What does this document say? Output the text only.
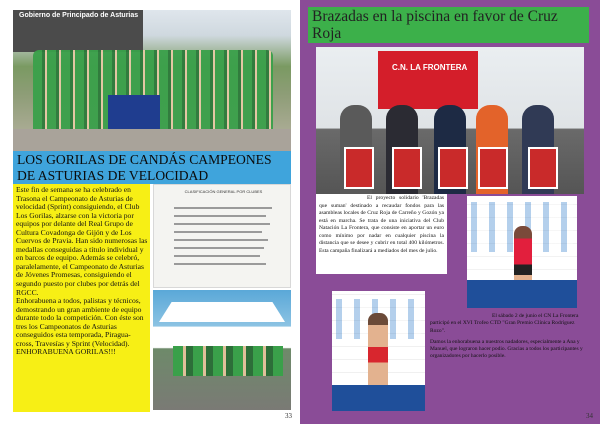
Gobierno de Principado de Asturias
LOS GORILAS DE CANDÁS CAMPEONES DE ASTURIAS DE VELOCIDAD
Este fin de semana se ha celebrado en Trasona el Campeonato de Asturias de velocidad (Sprint) consiguiendo, el Club Los Gorilas, alzarse con la victoria por equipos por delante del Real Grupo de Cultura Covadonga de Gijón y de Los Cuervos de Pravia. Han sido numerosas las medallas conseguidas a título individual y en barcos de equipo. Además se celebró, paralelamente, el Campeonato de Asturias de Jóvenes Promesas, consiguiendo el segundo puesto por clubes por detrás del RGCC.
Enhorabuena a todos, palistas y técnicos, demostrando un gran ambiente de equipo durante todo la competición. Con éste son tres los Campeonatos de Asturias conseguidos esta temporada, Piragua-cross, Travesías y Sprint (Velocidad).
ENHORABUENA GORILAS!!!
CLASIFICACIÓN GENERAL POR CLUBES
33
Brazadas en la piscina en favor de Cruz Roja
C.N. LA FRONTERA

El proyecto solidario 'Brazadas que suman' destinado a recaudar fondos para las asambleas locales de Cruz Roja de Carreño y Gozón ya está en marcha. Se trata de una iniciativa del Club Natación La Frontera, que consiste en aportar un euro como mínimo por nadar en cualquier piscina la distancia que se desee y cubrir en total 400 kilómetros. Esta campaña finalizará a mediados del mes de julio.

El sábado 2 de junio el CN La Frontera participó en el XVI Trofeo CTD "Gran Premio Clínica Rodríguez Rozo".

Damos la enhorabuena a nuestros nadadores, especialmente a Ana y Manuel, que lograron hacer podio. Gracias a todos los participantes y organizadores por hacerlo posible.

34
